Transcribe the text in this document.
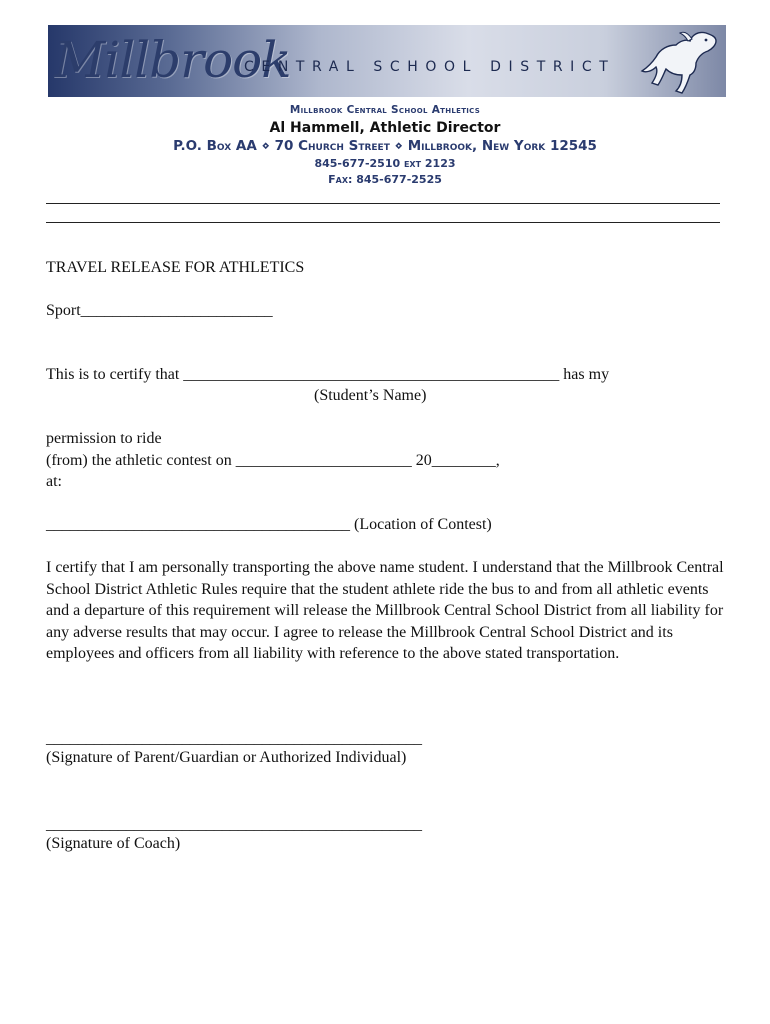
Millbrook
CENTRAL SCHOOL DISTRICT
Millbrook Central School Athletics
Al Hammell, Athletic Director
P.O. Box AA ⋄ 70 Church Street ⋄ Millbrook, New York 12545
845-677-2510 ext 2123
Fax: 845-677-2525
TRAVEL RELEASE FOR ATHLETICS
Sport________________________
This is to certify that _______________________________________________ has my
(Student’s Name)
permission to ride
(from) the athletic contest on ______________________ 20________,
at:
______________________________________ (Location of Contest)
I certify that I am personally transporting the above name student. I understand that the Millbrook Central School District Athletic Rules require that the student athlete ride the bus to and from all athletic events and a departure of this requirement will release the Millbrook Central School District from all liability for any adverse results that may occur. I agree to release the Millbrook Central School District and its employees and officers from all liability with reference to the above stated transportation.
_______________________________________________
(Signature of Parent/Guardian or Authorized Individual)
_______________________________________________
(Signature of Coach)
